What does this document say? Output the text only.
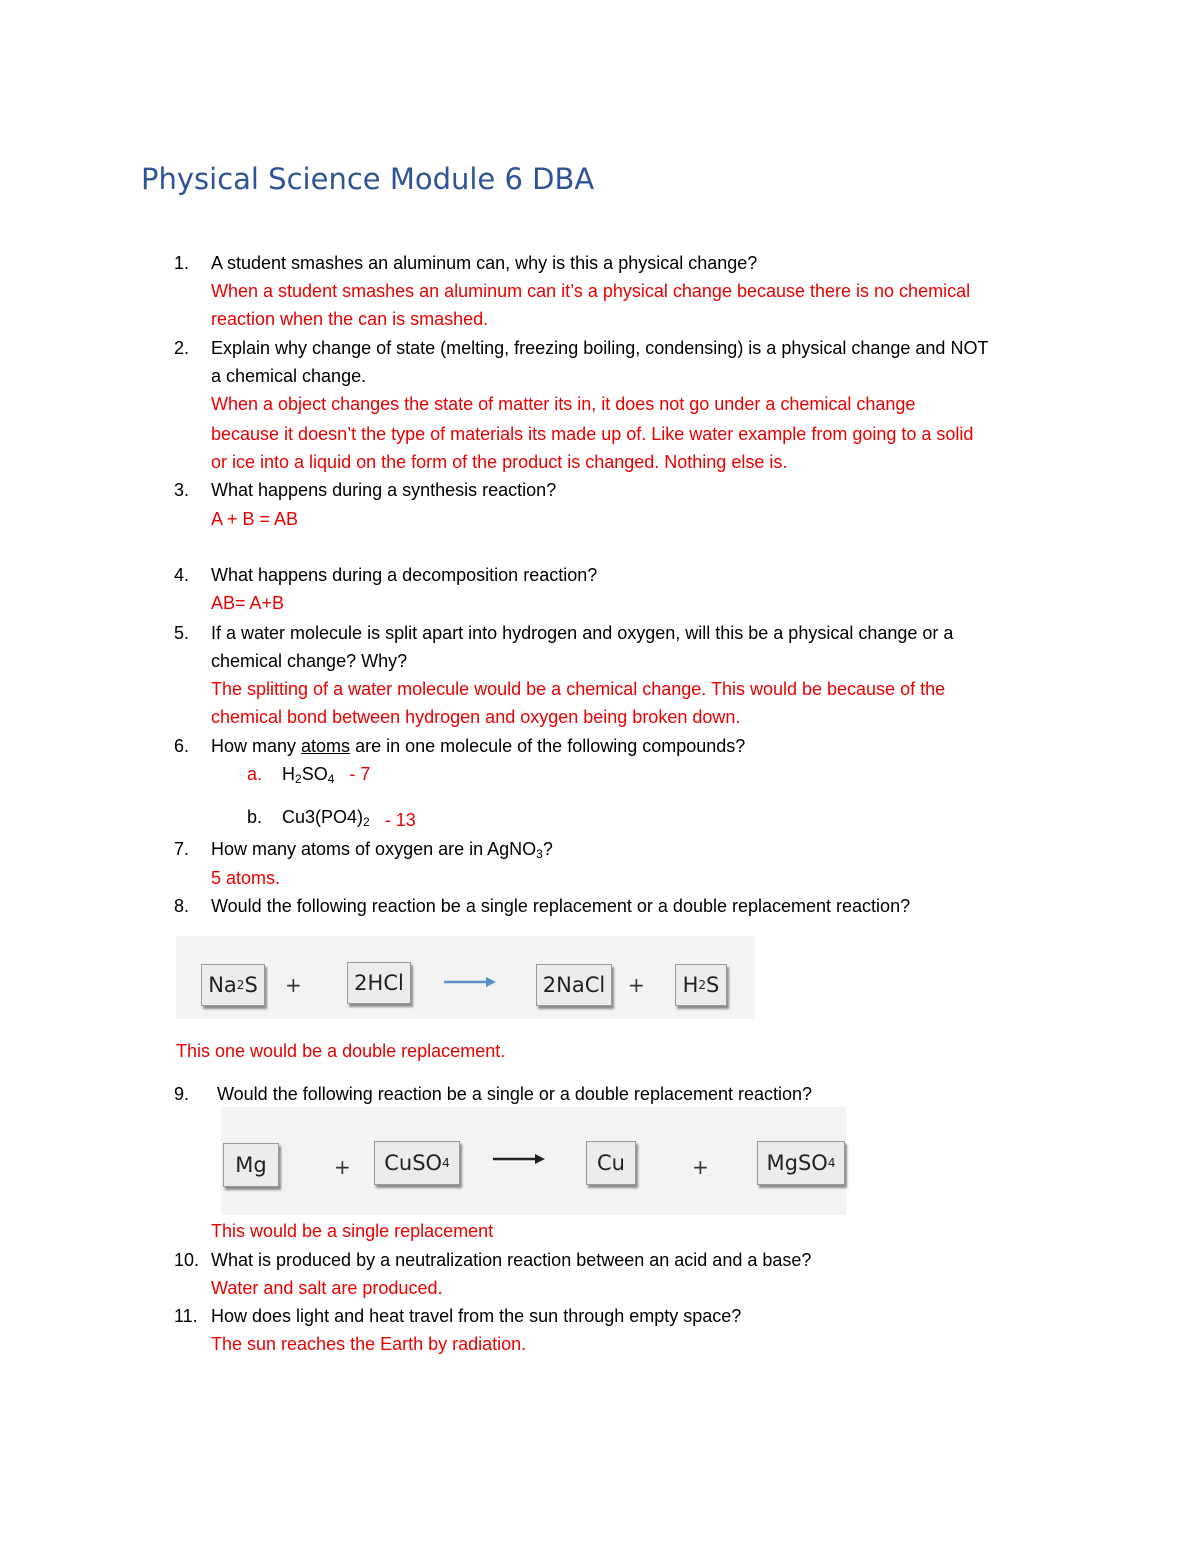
Physical Science Module 6 DBA
1. A student smashes an aluminum can, why is this a physical change?
When a student smashes an aluminum can it’s a physical change because there is no chemical
reaction when the can is smashed.
2. Explain why change of state (melting, freezing boiling, condensing) is a physical change and NOT
a chemical change.
When a object changes the state of matter its in, it does not go under a chemical change
because it doesn’t the type of materials its made up of. Like water example from going to a solid
or ice into a liquid on the form of the product is changed. Nothing else is.
3. What happens during a synthesis reaction?
A + B = AB
4. What happens during a decomposition reaction?
AB= A+B
5. If a water molecule is split apart into hydrogen and oxygen, will this be a physical change or a
chemical change? Why?
The splitting of a water molecule would be a chemical change. This would be because of the
chemical bond between hydrogen and oxygen being broken down.
6. How many atoms are in one molecule of the following compounds?
a. $H_2SO_4 - 7$
b. $Cu3(PO4)_2 - 13$
7. How many atoms of oxygen are in AgNO$_3$?
5 atoms.
8. Would the following reaction be a single replacement or a double replacement reaction?
Na 2 S +	2HCl	2NaCl	+ H 2 S
This one would be a double replacement.
9. Would the following reaction be a single or a double replacement reaction?
Mg	+ CuSO 4	Cu	+	MgSO 4
This would be a single replacement
10. What is produced by a neutralization reaction between an acid and a base?
Water and salt are produced.
11. How does light and heat travel from the sun through empty space?
The sun reaches the Earth by radiation.
